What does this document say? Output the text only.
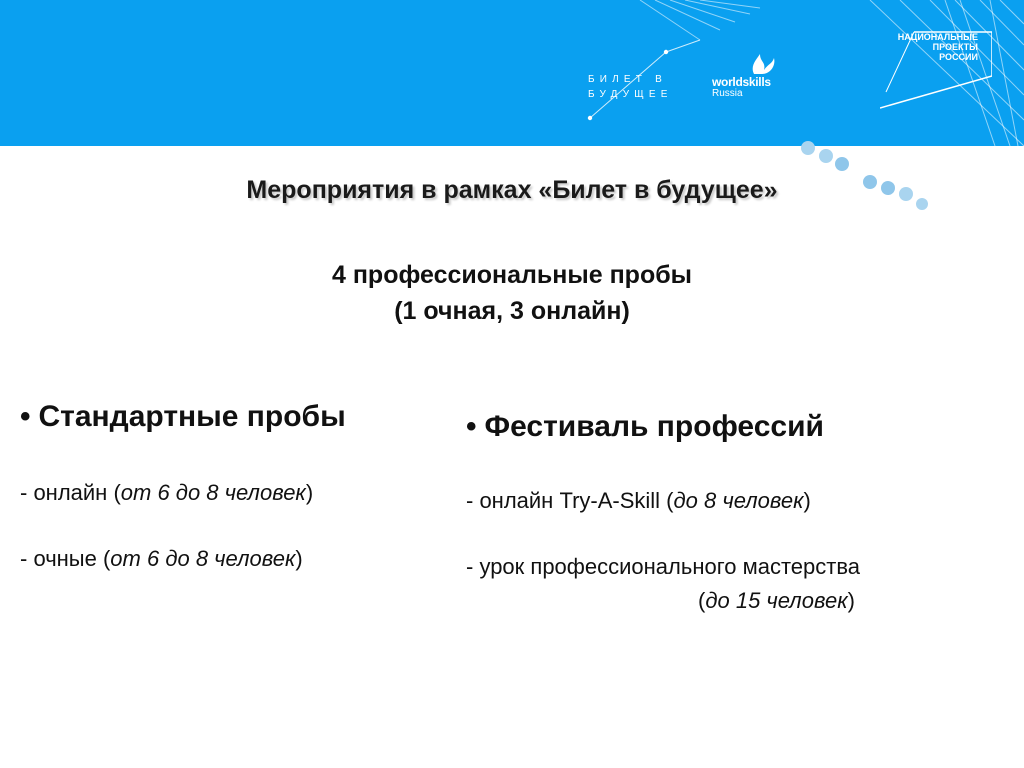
БИЛЕТ В
БУДУЩЕЕ
worldskills
Russia
НАЦИОНАЛЬНЫЕ
ПРОЕКТЫ
РОССИИ
Мероприятия в рамках «Билет в будущее»
4 профессиональные пробы
(1 очная, 3 онлайн)
• Стандартные пробы
- онлайн (от 6 до 8 человек)
- очные (от 6 до 8 человек)
• Фестиваль профессий
- онлайн Try-A-Skill (до 8 человек)
- урок профессионального мастерства
(до 15 человек)
